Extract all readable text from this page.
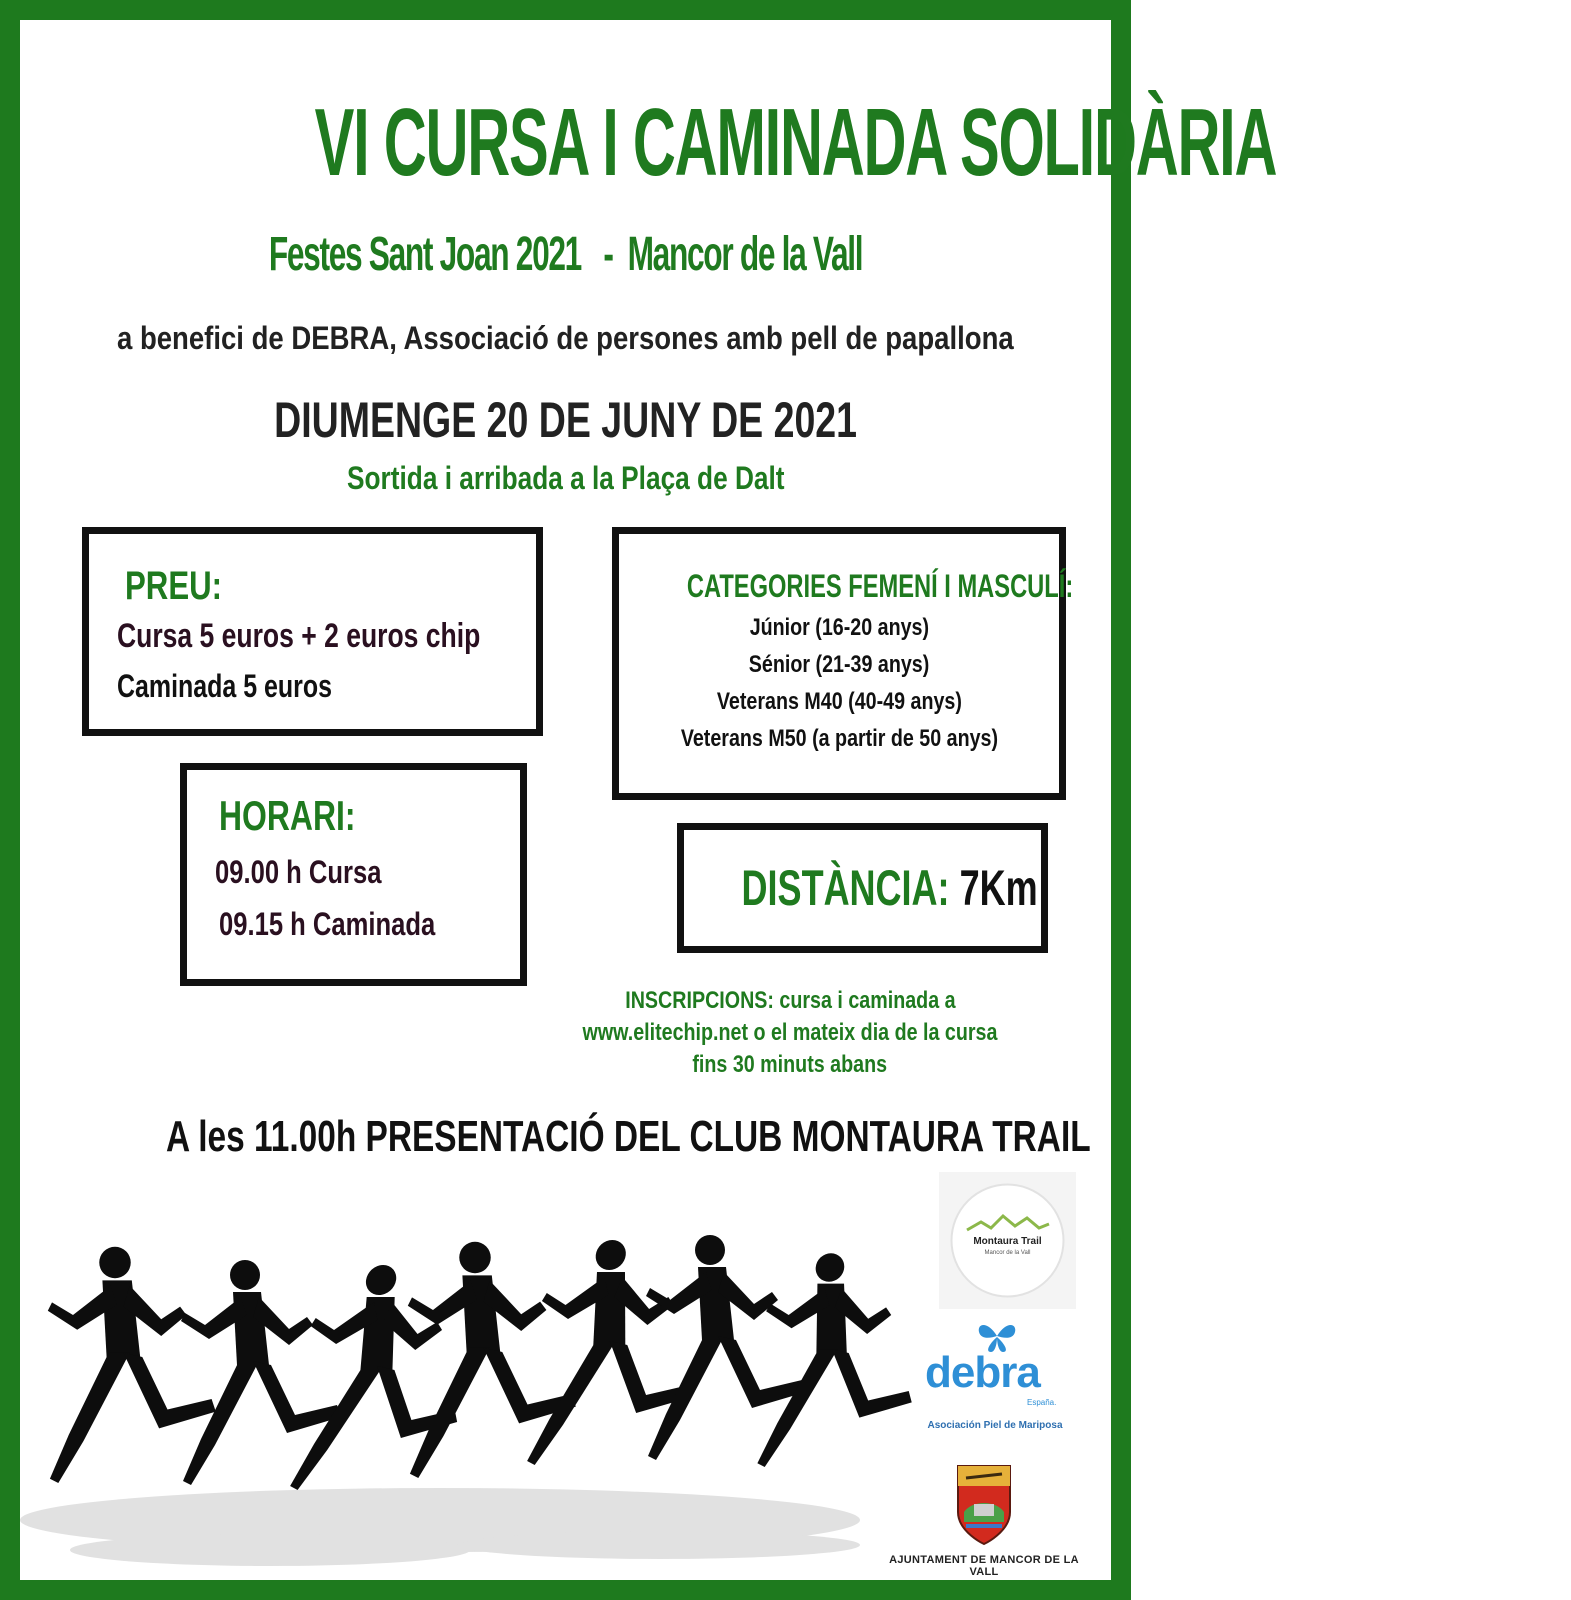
VI CURSA I CAMINADA SOLIDÀRIA
Festes Sant Joan 2021   -  Mancor de la Vall
a benefici de DEBRA, Associació de persones amb pell de papallona
DIUMENGE 20 DE JUNY DE 2021
Sortida i arribada a la Plaça de Dalt
PREU:
Cursa 5 euros + 2 euros chip
Caminada 5 euros
CATEGORIES FEMENÍ I MASCULÍ:
Júnior (16-20 anys)
Sénior (21-39 anys)
Veterans M40 (40-49 anys)
Veterans M50 (a partir de 50 anys)
HORARI:
09.00 h Cursa
09.15 h Caminada
DISTÀNCIA: 7Km
INSCRIPCIONS: cursa i caminada a
www.elitechip.net o el mateix dia de la cursa
fins 30 minuts abans
A les 11.00h PRESENTACIÓ DEL CLUB MONTAURA TRAIL
Montaura Trail
Mancor de la Vall
debra
España.
Asociación Piel de Mariposa
AJUNTAMENT DE MANCOR DE LA VALL
